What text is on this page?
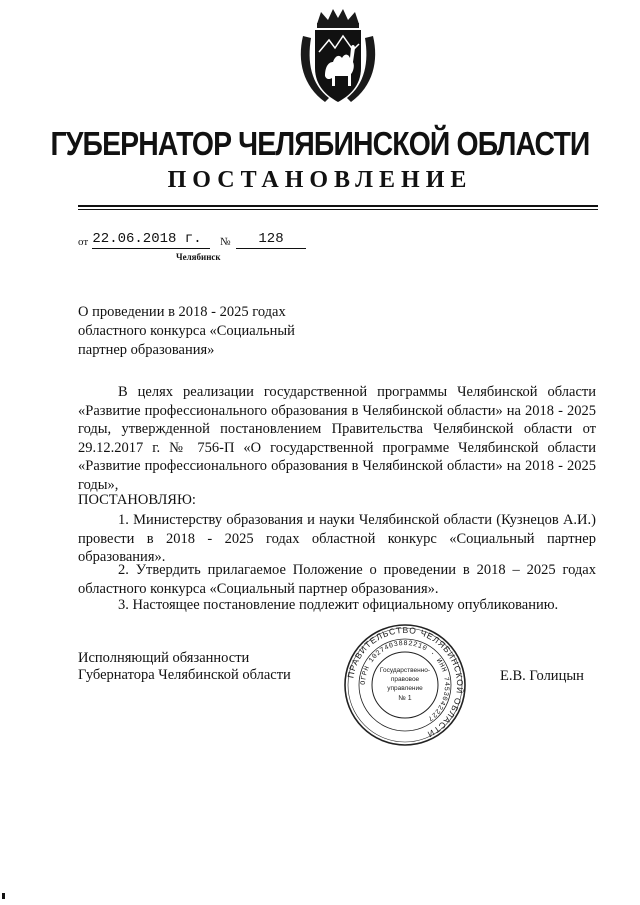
ГУБЕРНАТОР ЧЕЛЯБИНСКОЙ ОБЛАСТИ
ПОСТАНОВЛЕНИЕ
от 22.06.2018 г.	№	128
Челябинск
О проведении в 2018 - 2025 годах
областного конкурса «Социальный
партнер образования»
В целях реализации государственной программы Челябинской области «Развитие профессионального образования в Челябинской области» на 2018 - 2025 годы, утвержденной постановлением Правительства Челябинской области от 29.12.2017 г. № 756-П «О государственной программе Челябинской области «Развитие профессионального образования в Челябинской области» на 2018 - 2025 годы»,
ПОСТАНОВЛЯЮ:
1. Министерству образования и науки Челябинской области (Кузнецов А.И.) провести в 2018 - 2025 годах областной конкурс «Социальный партнер образования».
2. Утвердить прилагаемое Положение о проведении в 2018 – 2025 годах областного конкурса «Социальный партнер образования».
3. Настоящее постановление подлежит официальному опубликованию.
Исполняющий обязанности
Губернатора Челябинской области	Е.В. Голицын
ПРАВИТЕЛЬСТВО ЧЕЛЯБИНСКОЙ ОБЛАСТИ
ОГРН 1027403882210 · ИНН 7453042227
Государственно-
правовое
управление
№ 1
